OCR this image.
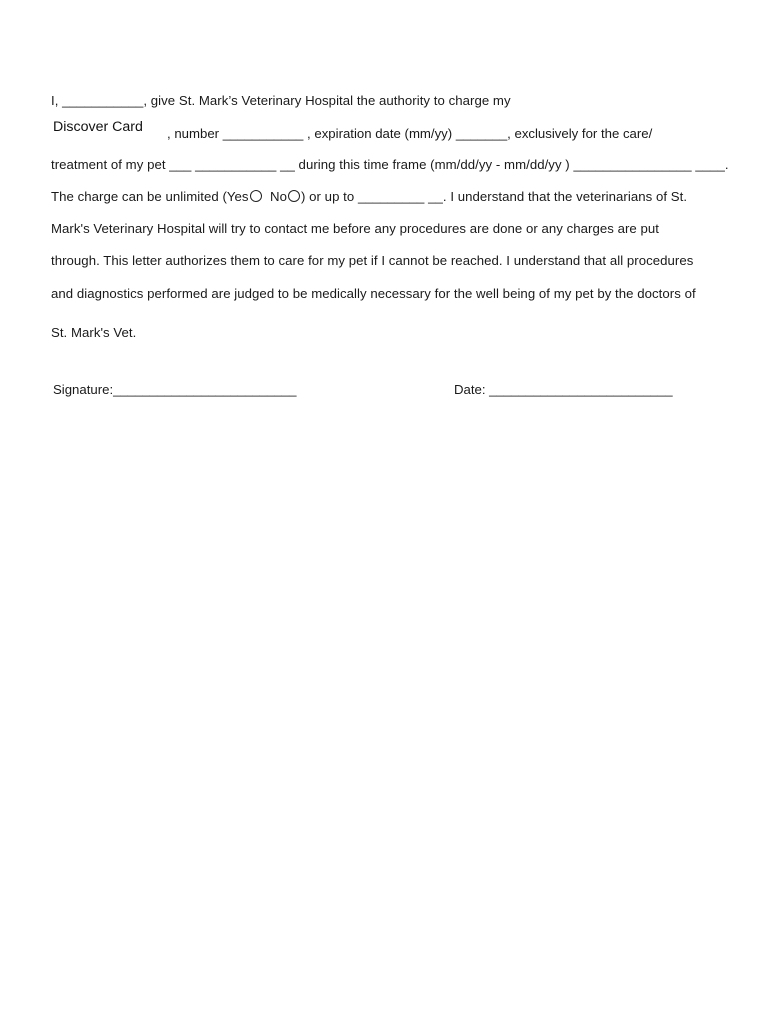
I, ___________, give St. Mark’s Veterinary Hospital the authority to charge my
Discover Card , number ___________ , expiration date (mm/yy) _______, exclusively for the care/
treatment of my pet ___ ___________ __ during this time frame (mm/dd/yy - mm/dd/yy ) ________________ ____.
The charge can be unlimited (Yes No ) or up to _________ __. I understand that the veterinarians of St.
Mark's Veterinary Hospital will try to contact me before any procedures are done or any charges are put
through. This letter authorizes them to care for my pet if I cannot be reached. I understand that all procedures
and diagnostics performed are judged to be medically necessary for the well being of my pet by the doctors of
St. Mark's Vet.
Signature:_________________________	Date: _________________________
